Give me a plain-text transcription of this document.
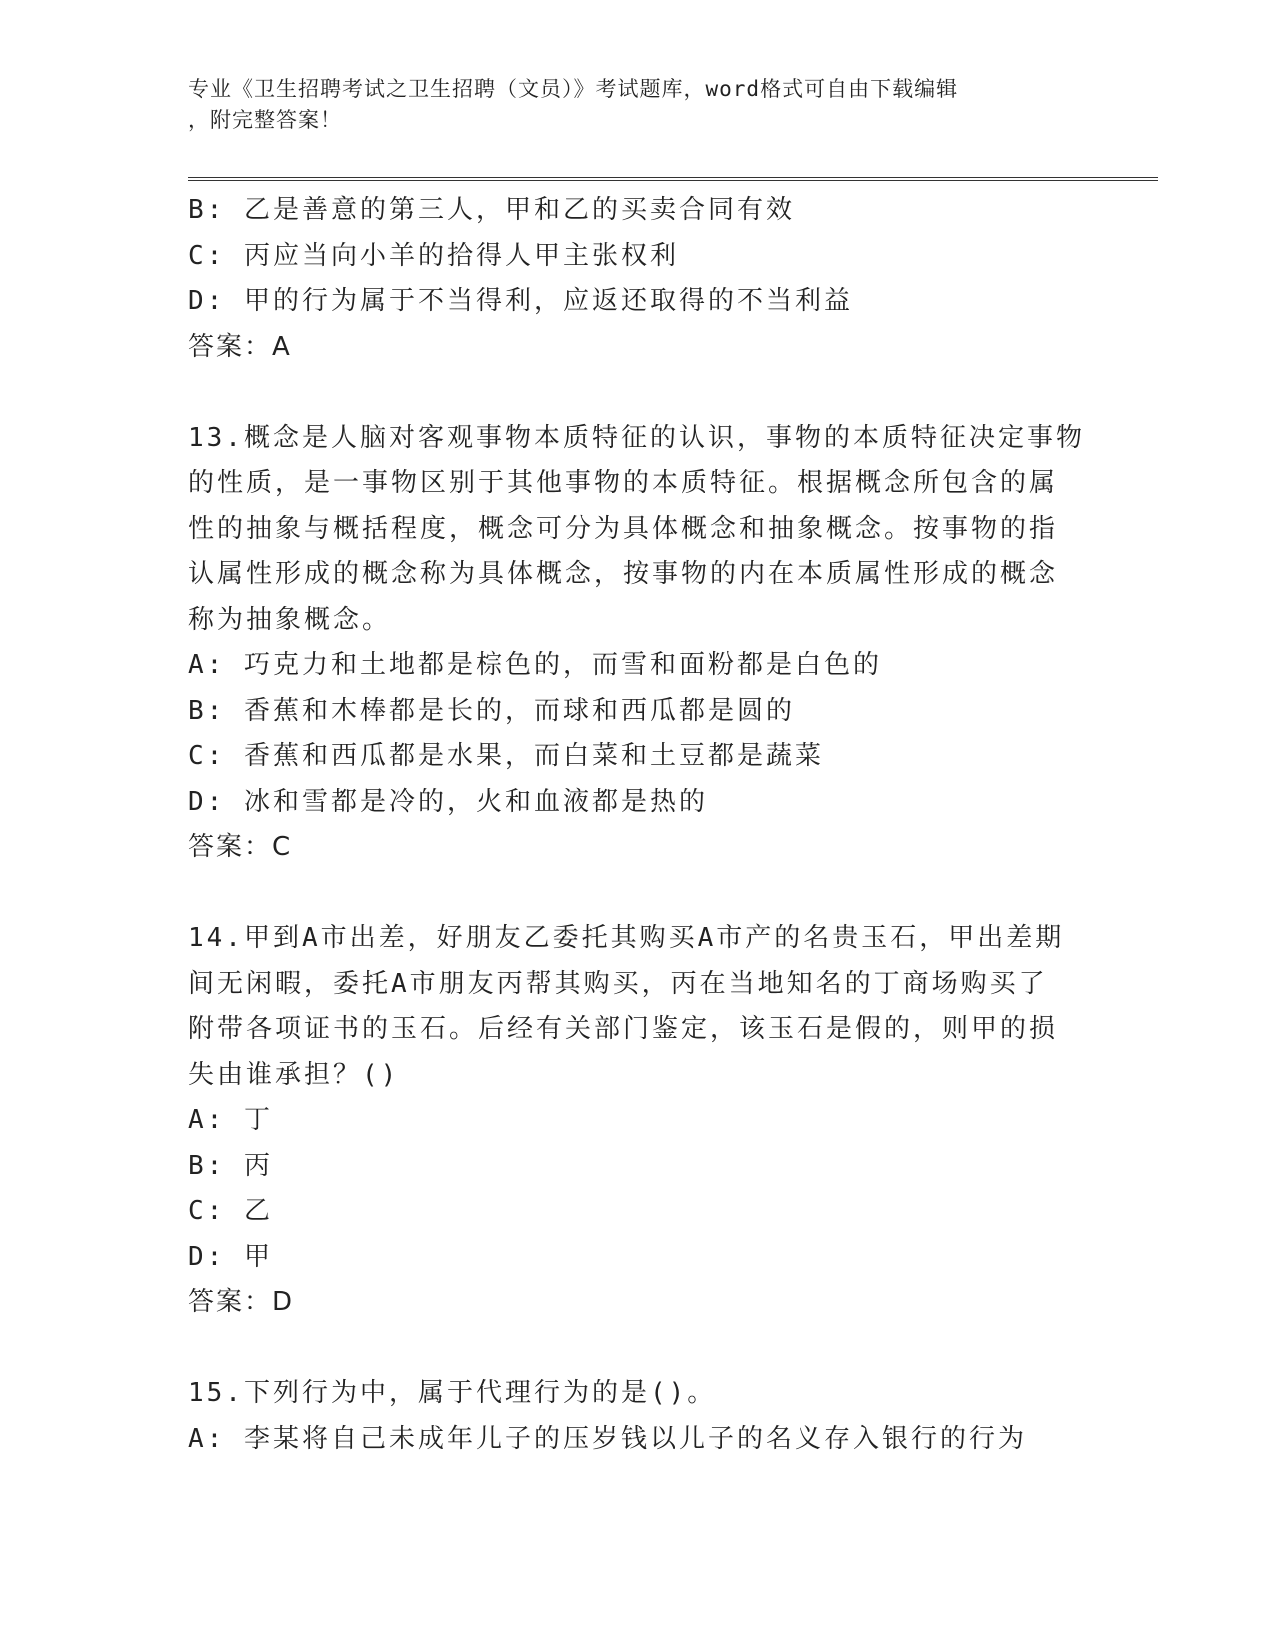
专业《卫生招聘考试之卫生招聘（文员）》考试题库，word格式可自由下载编辑
，附完整答案！
B: 乙是善意的第三人，甲和乙的买卖合同有效
C: 丙应当向小羊的拾得人甲主张权利
D: 甲的行为属于不当得利，应返还取得的不当利益
答案：A
13.概念是人脑对客观事物本质特征的认识，事物的本质特征决定事物
的性质，是一事物区别于其他事物的本质特征。根据概念所包含的属
性的抽象与概括程度，概念可分为具体概念和抽象概念。按事物的指
认属性形成的概念称为具体概念，按事物的内在本质属性形成的概念
称为抽象概念。
A: 巧克力和土地都是棕色的，而雪和面粉都是白色的
B: 香蕉和木棒都是长的，而球和西瓜都是圆的
C: 香蕉和西瓜都是水果，而白菜和土豆都是蔬菜
D: 冰和雪都是冷的，火和血液都是热的
答案：C
14.甲到A市出差，好朋友乙委托其购买A市产的名贵玉石，甲出差期
间无闲暇，委托A市朋友丙帮其购买，丙在当地知名的丁商场购买了
附带各项证书的玉石。后经有关部门鉴定，该玉石是假的，则甲的损
失由谁承担？()
A: 丁
B: 丙
C: 乙
D: 甲
答案：D
15.下列行为中，属于代理行为的是()。
A: 李某将自己未成年儿子的压岁钱以儿子的名义存入银行的行为
